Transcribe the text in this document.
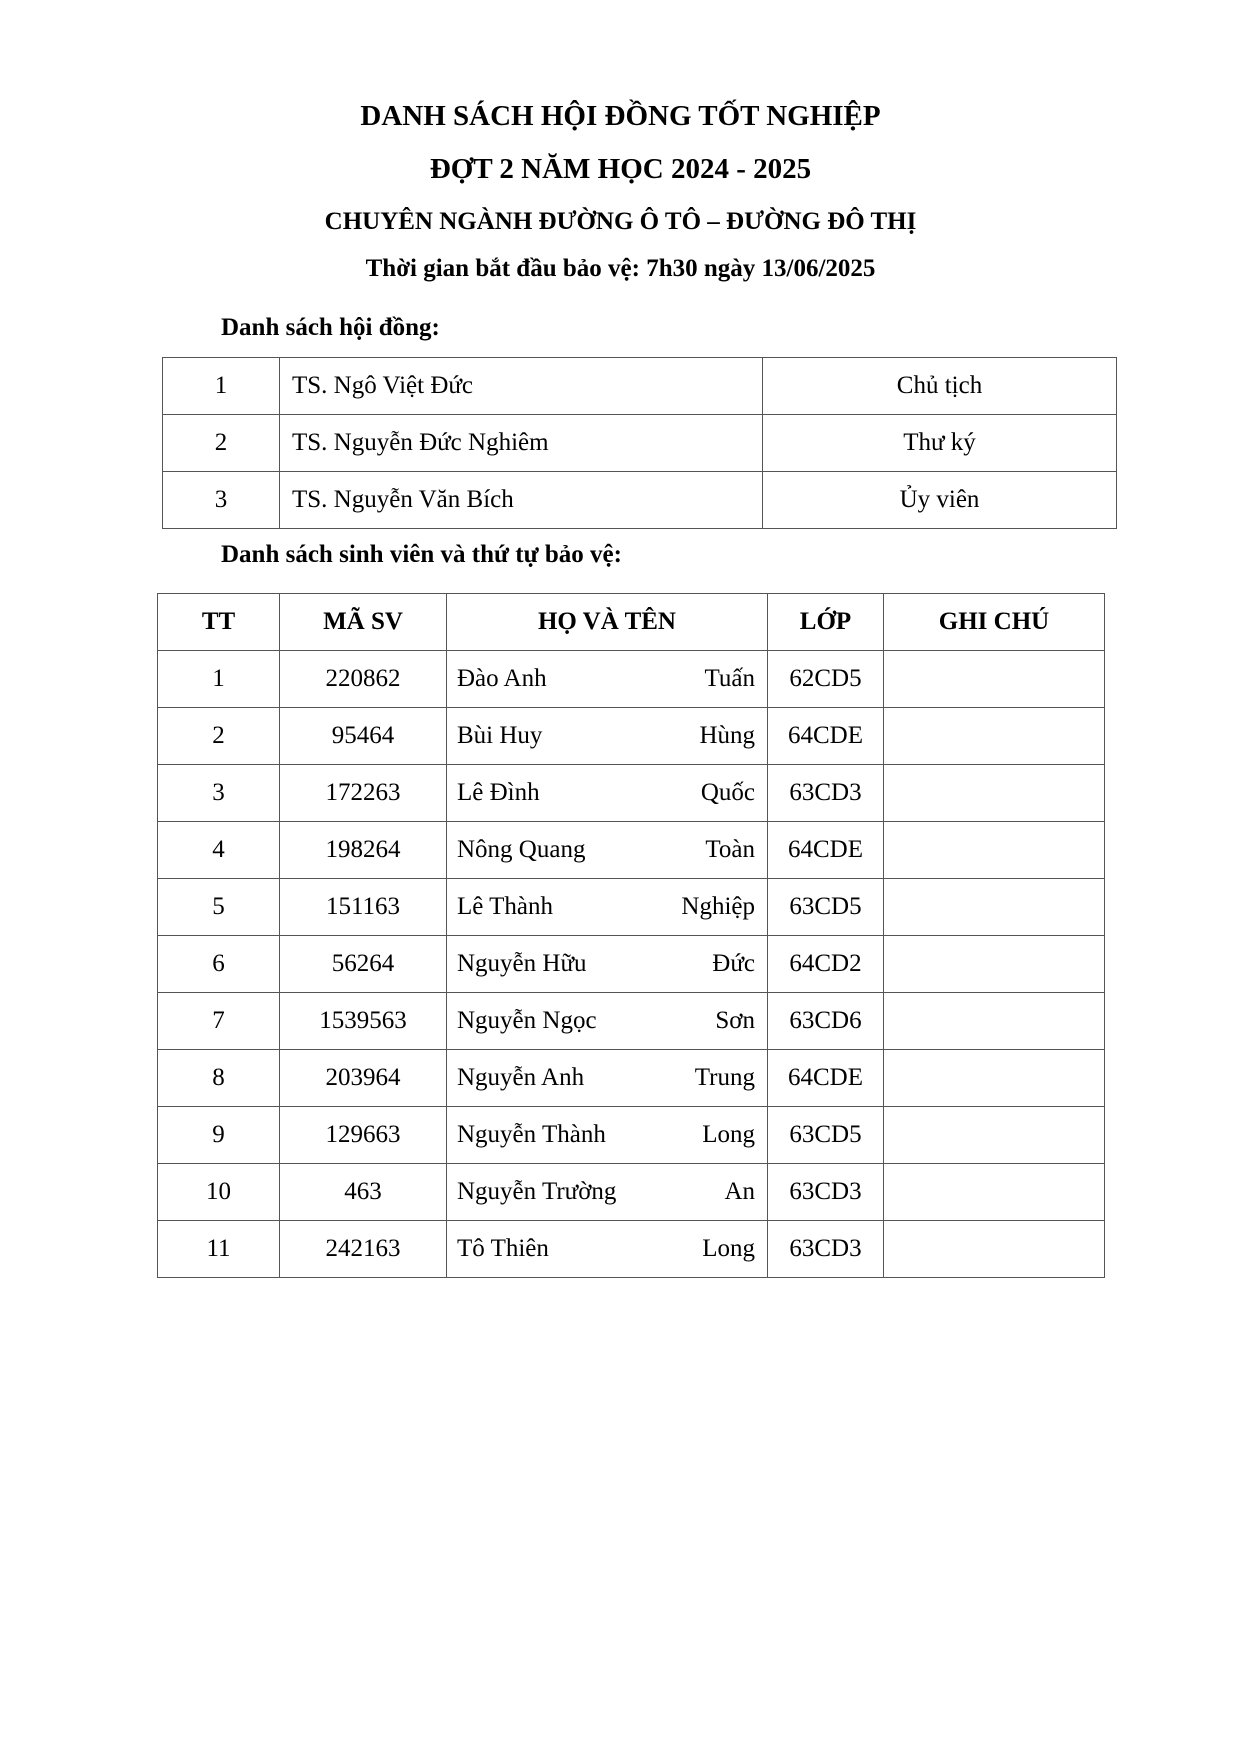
DANH SÁCH HỘI ĐỒNG TỐT NGHIỆP
ĐỢT 2 NĂM HỌC 2024 - 2025
CHUYÊN NGÀNH ĐƯỜNG Ô TÔ – ĐƯỜNG ĐÔ THỊ
Thời gian bắt đầu bảo vệ: 7h30 ngày 13/06/2025
Danh sách hội đồng:
1	TS. Ngô Việt Đức	Chủ tịch
2	TS. Nguyễn Đức Nghiêm	Thư ký
3	TS. Nguyễn Văn Bích	Ủy viên
Danh sách sinh viên và thứ tự bảo vệ:
TT	MÃ SV	HỌ VÀ TÊN	LỚP	GHI CHÚ
1	220862	Đào Anh Tuấn	62CD5	
2	95464	Bùi Huy Hùng	64CDE	
3	172263	Lê Đình Quốc	63CD3	
4	198264	Nông Quang Toàn	64CDE	
5	151163	Lê Thành Nghiệp	63CD5	
6	56264	Nguyễn Hữu Đức	64CD2	
7	1539563	Nguyễn Ngọc Sơn	63CD6	
8	203964	Nguyễn Anh Trung	64CDE	
9	129663	Nguyễn Thành Long	63CD5	
10	463	Nguyễn Trường An	63CD3	
11	242163	Tô Thiên Long	63CD3	
